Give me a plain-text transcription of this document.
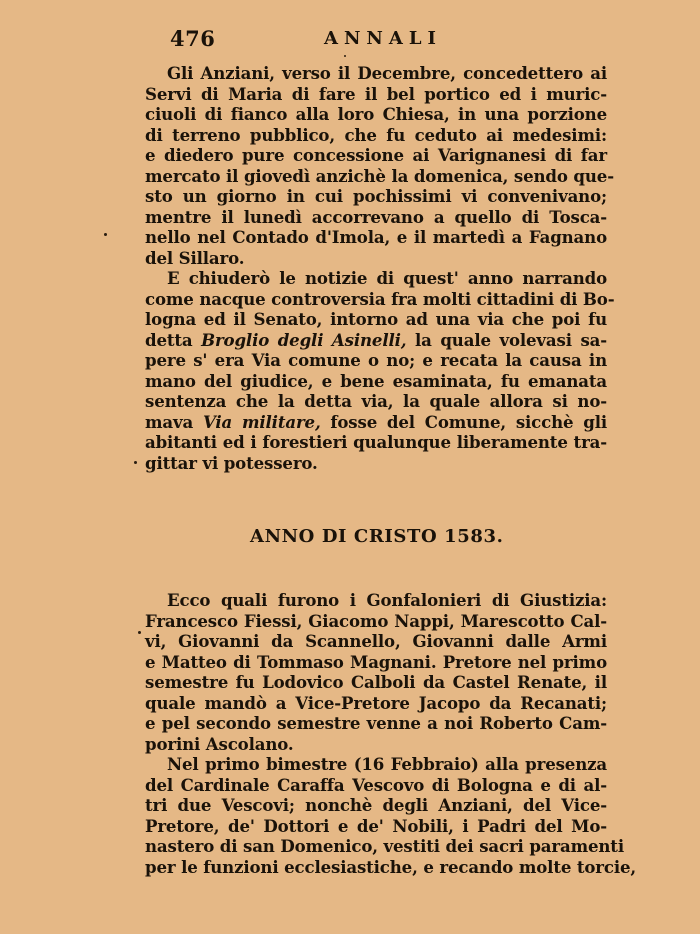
476	ANNALI
Gli Anziani, verso il Decembre, concedettero ai
Servi di Maria di fare il bel portico ed i muric-
ciuoli di fianco alla loro Chiesa, in una porzione
di terreno pubblico, che fu ceduto ai medesimi:
e diedero pure concessione ai Varignanesi di far
mercato il giovedì anzichè la domenica, sendo que-
sto un giorno in cui pochissimi vi convenivano;
mentre il lunedì accorrevano a quello di Tosca-
nello nel Contado d'Imola, e il martedì a Fagnano
del Sillaro.
E chiuderò le notizie di quest' anno narrando
come nacque controversia fra molti cittadini di Bo-
logna ed il Senato, intorno ad una via che poi fu
detta Broglio degli Asinelli, la quale volevasi sa-
pere s' era Via comune o no; e recata la causa in
mano del giudice, e bene esaminata, fu emanata
sentenza che la detta via, la quale allora si no-
mava Via militare, fosse del Comune, sicchè gli
abitanti ed i forestieri qualunque liberamente tra-
gittar vi potessero.
ANNO DI CRISTO 1583.
Ecco quali furono i Gonfalonieri di Giustizia:
Francesco Fiessi, Giacomo Nappi, Marescotto Cal-
vi, Giovanni da Scannello, Giovanni dalle Armi
e Matteo di Tommaso Magnani. Pretore nel primo
semestre fu Lodovico Calboli da Castel Renate, il
quale mandò a Vice-Pretore Jacopo da Recanati;
e pel secondo semestre venne a noi Roberto Cam-
porini Ascolano.
Nel primo bimestre (16 Febbraio) alla presenza
del Cardinale Caraffa Vescovo di Bologna e di al-
tri due Vescovi; nonchè degli Anziani, del Vice-
Pretore, de' Dottori e de' Nobili, i Padri del Mo-
nastero di san Domenico, vestiti dei sacri paramenti
per le funzioni ecclesiastiche, e recando molte torcie,
